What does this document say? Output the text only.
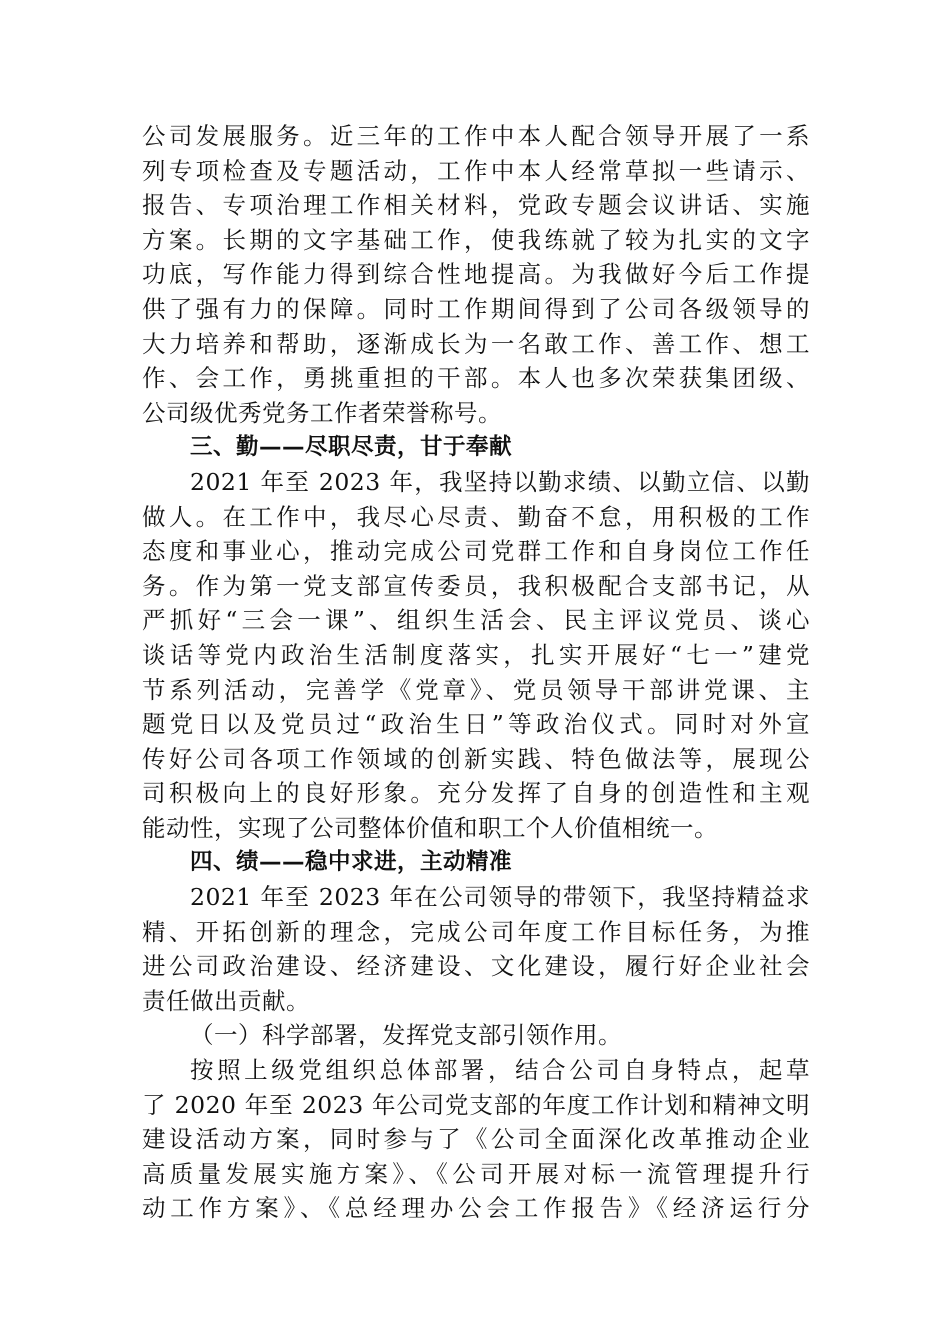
公司发展服务。近三年的工作中本人配合领导开展了一系
列专项检查及专题活动，工作中本人经常草拟一些请示、
报告、专项治理工作相关材料，党政专题会议讲话、实施
方案。长期的文字基础工作，使我练就了较为扎实的文字
功底，写作能力得到综合性地提高。为我做好今后工作提
供了强有力的保障。同时工作期间得到了公司各级领导的
大力培养和帮助，逐渐成长为一名敢工作、善工作、想工
作、会工作，勇挑重担的干部。本人也多次荣获集团级、
公司级优秀党务工作者荣誉称号。
三、勤——尽职尽责，甘于奉献
2021 年至 2023 年，我坚持以勤求绩、以勤立信、以勤
做人。在工作中，我尽心尽责、勤奋不怠，用积极的工作
态度和事业心，推动完成公司党群工作和自身岗位工作任
务。作为第一党支部宣传委员，我积极配合支部书记，从
严抓好“三会一课”、组织生活会、民主评议党员、谈心
谈话等党内政治生活制度落实，扎实开展好“七一”建党
节系列活动，完善学《党章》、党员领导干部讲党课、主
题党日以及党员过“政治生日”等政治仪式。同时对外宣
传好公司各项工作领域的创新实践、特色做法等，展现公
司积极向上的良好形象。充分发挥了自身的创造性和主观
能动性，实现了公司整体价值和职工个人价值相统一。
四、绩——稳中求进，主动精准
2021 年至 2023 年在公司领导的带领下，我坚持精益求
精、开拓创新的理念，完成公司年度工作目标任务，为推
进公司政治建设、经济建设、文化建设，履行好企业社会
责任做出贡献。
（一）科学部署，发挥党支部引领作用。
按照上级党组织总体部署，结合公司自身特点，起草
了 2020 年至 2023 年公司党支部的年度工作计划和精神文明
建设活动方案，同时参与了《公司全面深化改革推动企业
高质量发展实施方案》、《公司开展对标一流管理提升行
动工作方案》、《总经理办公会工作报告》《经济运行分
